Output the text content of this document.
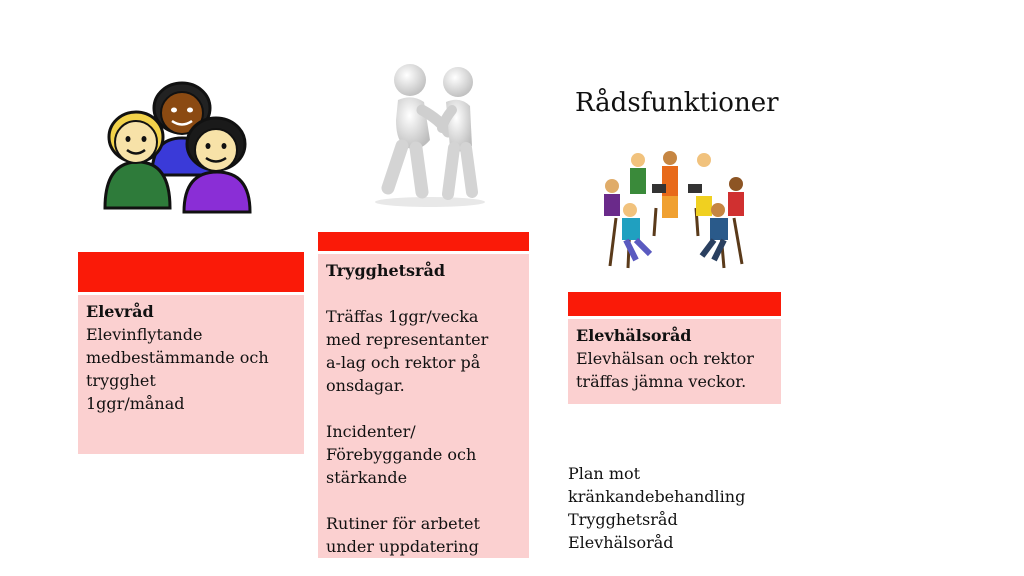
Rådsfunktioner

Elevråd

Elevinflytande

medbestämmande och

trygghet

1ggr/månad

Trygghetsråd

Träffas 1ggr/vecka

med representanter

a-lag och rektor på

onsdagar.

Incidenter/

Förebyggande och

stärkande

Rutiner för arbetet

under uppdatering

Elevhälsoråd

Elevhälsan och rektor

träffas jämna veckor.

Plan mot

kränkandebehandling

Trygghetsråd

Elevhälsoråd
